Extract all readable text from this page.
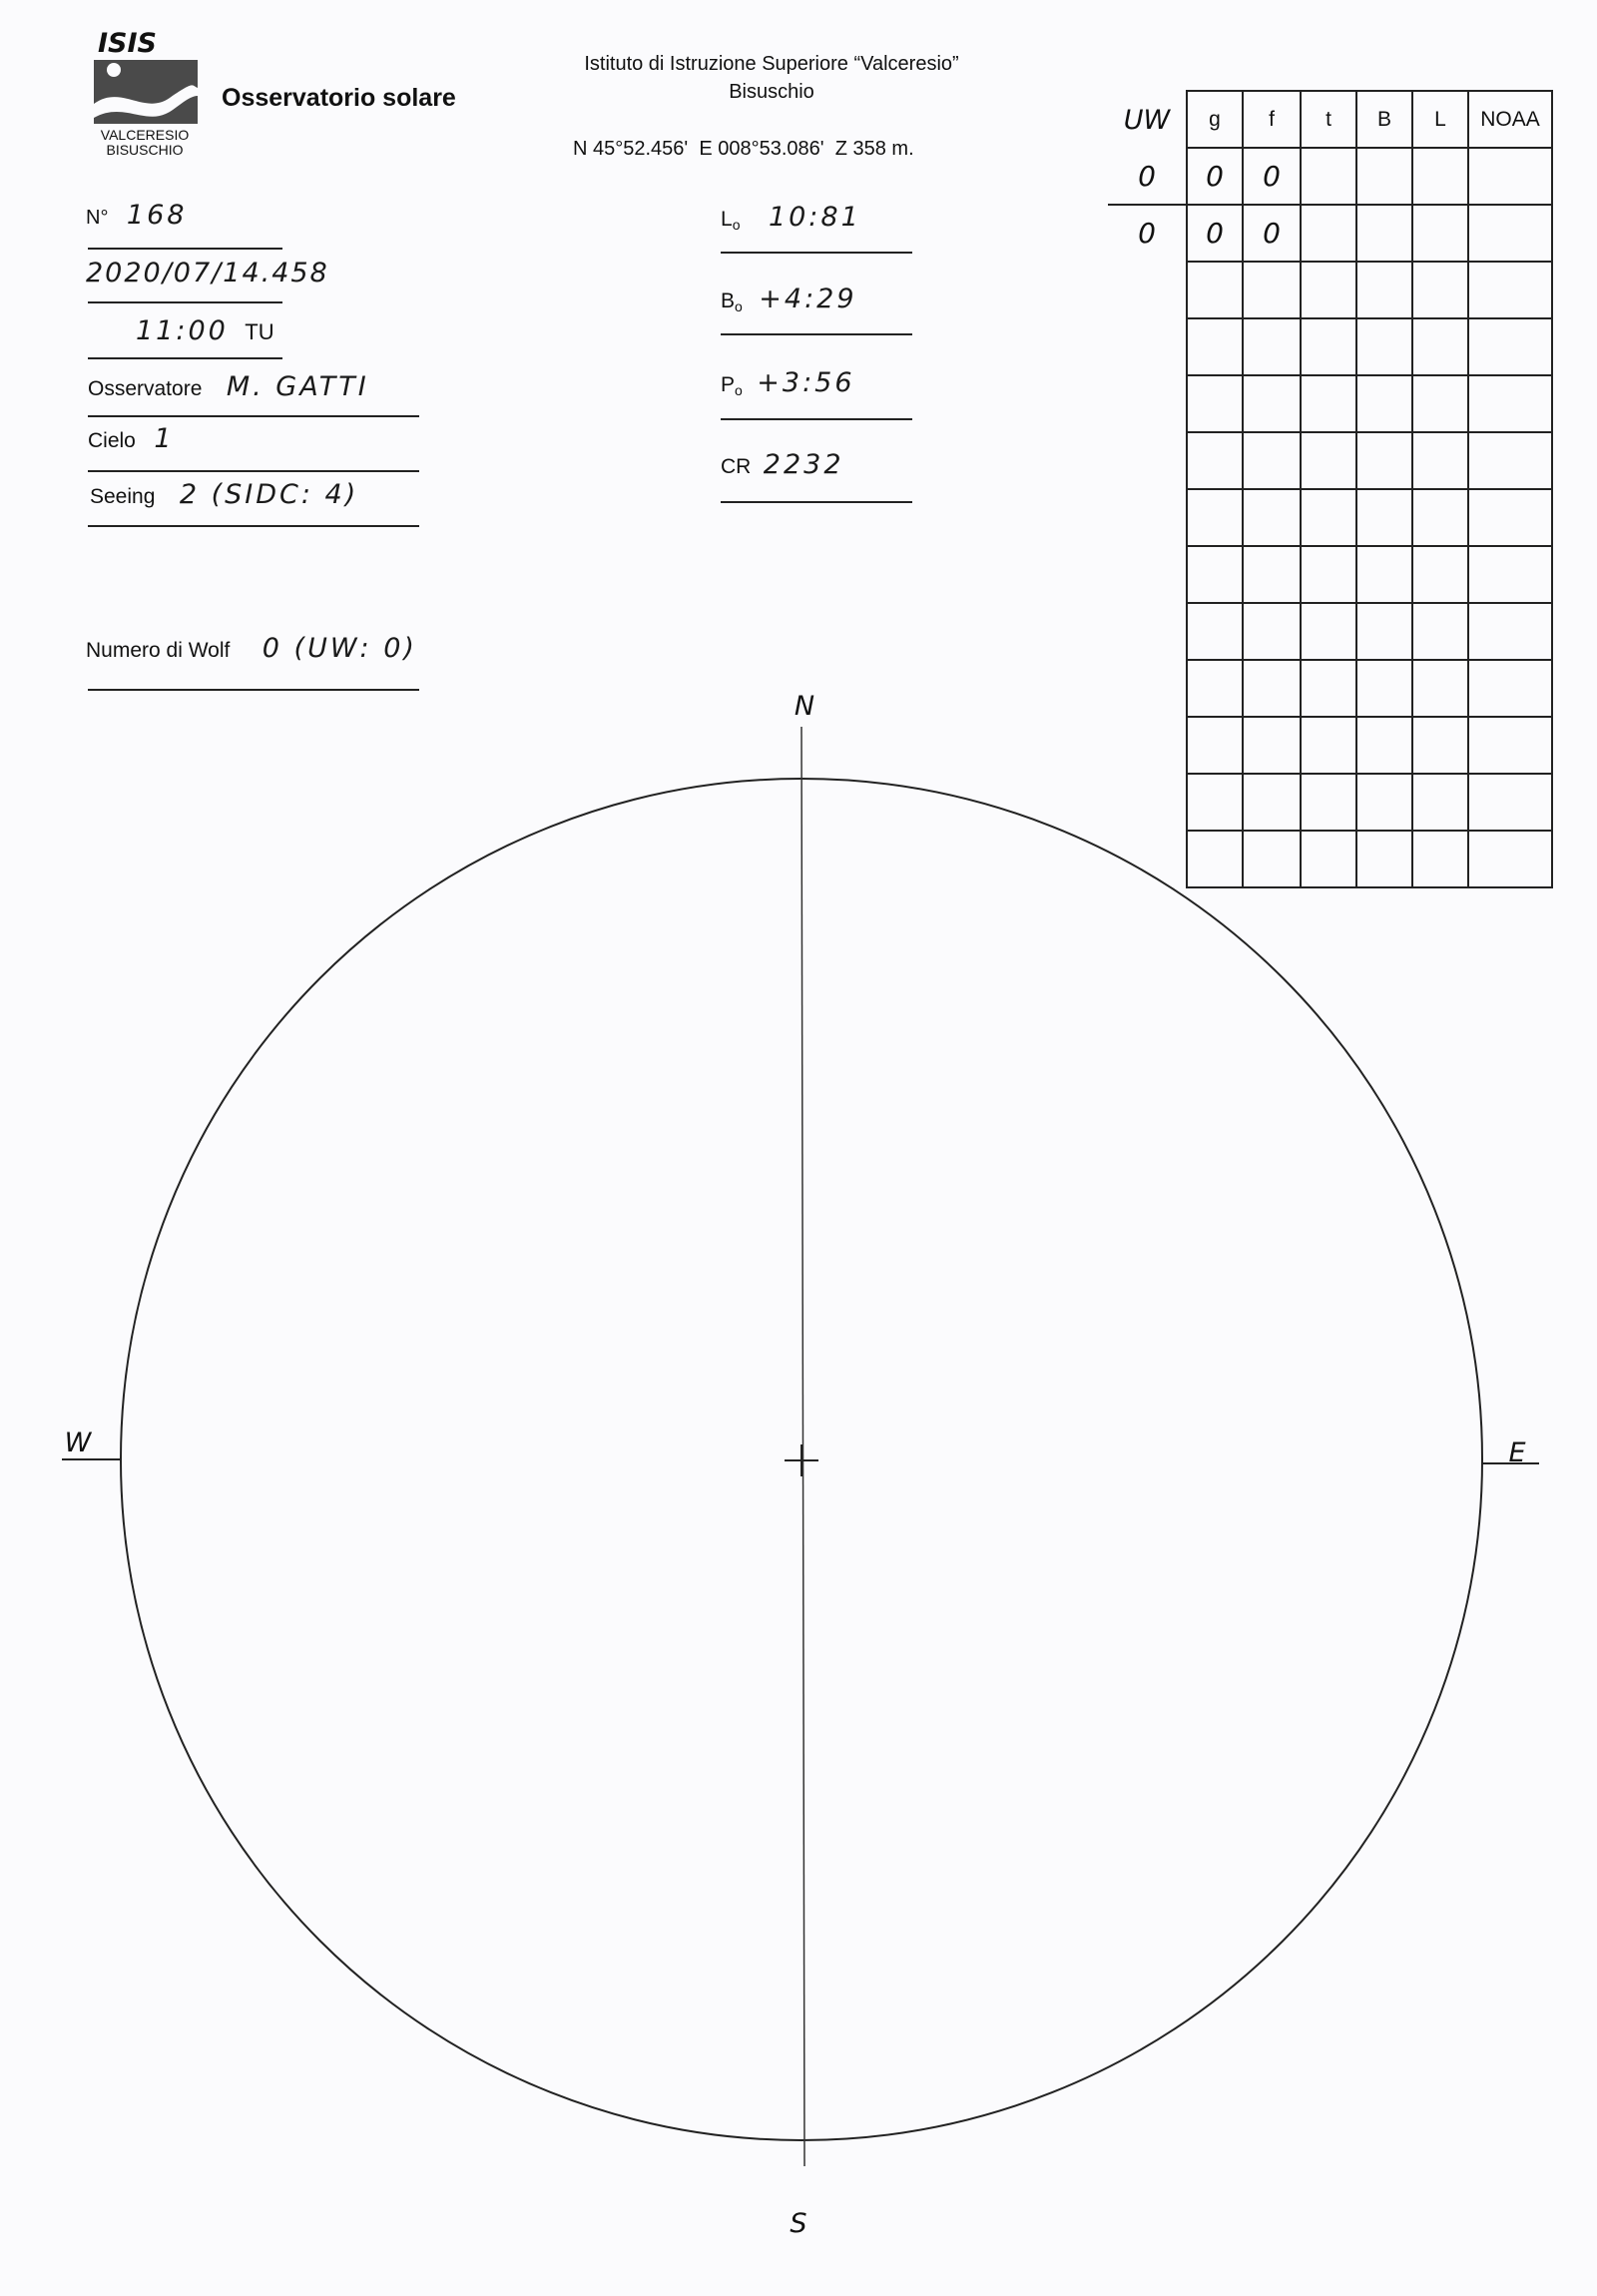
ISIS
VALCERESIO
BISUSCHIO
Osservatorio solare
Istituto di Istruzione Superiore “Valceresio”
Bisuschio
N 45°52.456'  E 008°53.086'  Z 358 m.
N° 168
2020/07/14.458
11:00 TU
Osservatore M. GATTI
Cielo 1
Seeing 2 (SIDC: 4)
Numero di Wolf 0 (UW: 0)
$L_o$ 10:81
$B_o$ +4:29
$P_o$ +3:56
CR 2232
UW	g	f	t	B	L	NOAA
0	0	0				
0	0	0				

N
S
W	E
